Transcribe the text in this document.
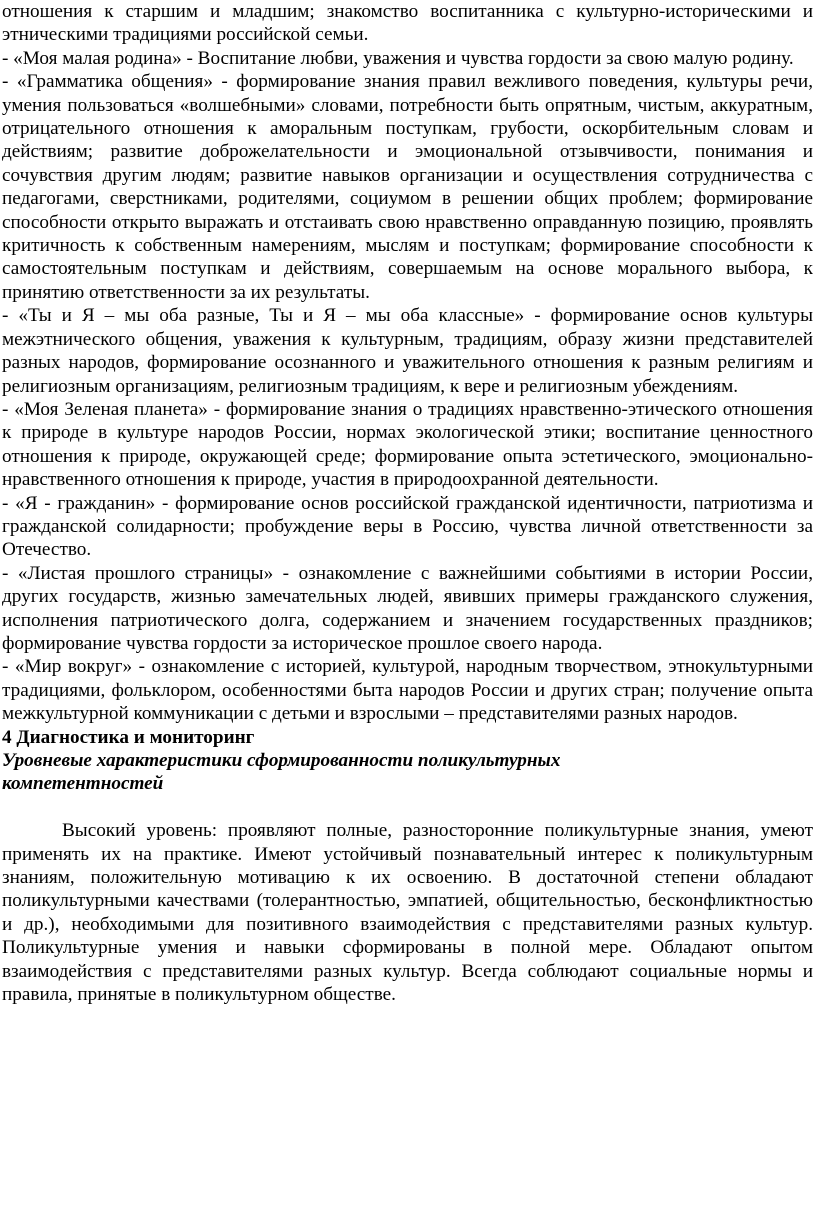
отношения к старшим и младшим; знакомство воспитанника с культурно-историческими и этническими традициями российской семьи.

- «Моя малая родина» - Воспитание любви, уважения и чувства гордости за свою малую родину.

- «Грамматика общения» - формирование знания правил вежливого поведения, культуры речи, умения пользоваться «волшебными» словами, потребности быть опрятным, чистым, аккуратным, отрицательного отношения к аморальным поступкам, грубости, оскорбительным словам и действиям; развитие доброжелательности и эмоциональной отзывчивости, понимания и сочувствия другим людям; развитие навыков организации и осуществления сотрудничества с педагогами, сверстниками, родителями, социумом в решении общих проблем; формирование способности открыто выражать и отстаивать свою нравственно оправданную позицию, проявлять критичность к собственным намерениям, мыслям и поступкам; формирование способности к самостоятельным поступкам и действиям, совершаемым на основе морального выбора, к принятию ответственности за их результаты.

- «Ты и Я – мы оба разные, Ты и Я – мы оба классные» - формирование основ культуры межэтнического общения, уважения к культурным, традициям, образу жизни представителей разных народов, формирование осознанного и уважительного отношения к разным религиям и религиозным организациям, религиозным традициям, к вере и религиозным убеждениям.

- «Моя Зеленая планета» - формирование знания о традициях нравственно-этического отношения к природе в культуре народов России, нормах экологической этики; воспитание ценностного отношения к природе, окружающей среде; формирование опыта эстетического, эмоционально-нравственного отношения к природе, участия в природоохранной деятельности.

- «Я - гражданин» - формирование основ российской гражданской идентичности, патриотизма и гражданской солидарности; пробуждение веры в Россию, чувства личной ответственности за Отечество.

- «Листая прошлого страницы» - ознакомление с важнейшими событиями в истории России, других государств, жизнью замечательных людей, явивших примеры гражданского служения, исполнения патриотического долга, содержанием и значением государственных праздников; формирование чувства гордости за историческое прошлое своего народа.

- «Мир вокруг» - ознакомление с историей, культурой, народным творчеством, этнокультурными традициями, фольклором, особенностями быта народов России и других стран; получение опыта межкультурной коммуникации с детьми и взрослыми – представителями разных народов.

4 Диагностика и мониторинг
Уровневые характеристики сформированности поликультурных компетентностей

Высокий уровень: проявляют полные, разносторонние поликультурные знания, умеют применять их на практике. Имеют устойчивый познавательный интерес к поликультурным знаниям, положительную мотивацию к их освоению. В достаточной степени обладают поликультурными качествами (толерантностью, эмпатией, общительностью, бесконфликтностью и др.), необходимыми для позитивного взаимодействия с представителями разных культур. Поликультурные умения и навыки сформированы в полной мере. Обладают опытом взаимодействия с представителями разных культур. Всегда соблюдают социальные нормы и правила, принятые в поликультурном обществе.
